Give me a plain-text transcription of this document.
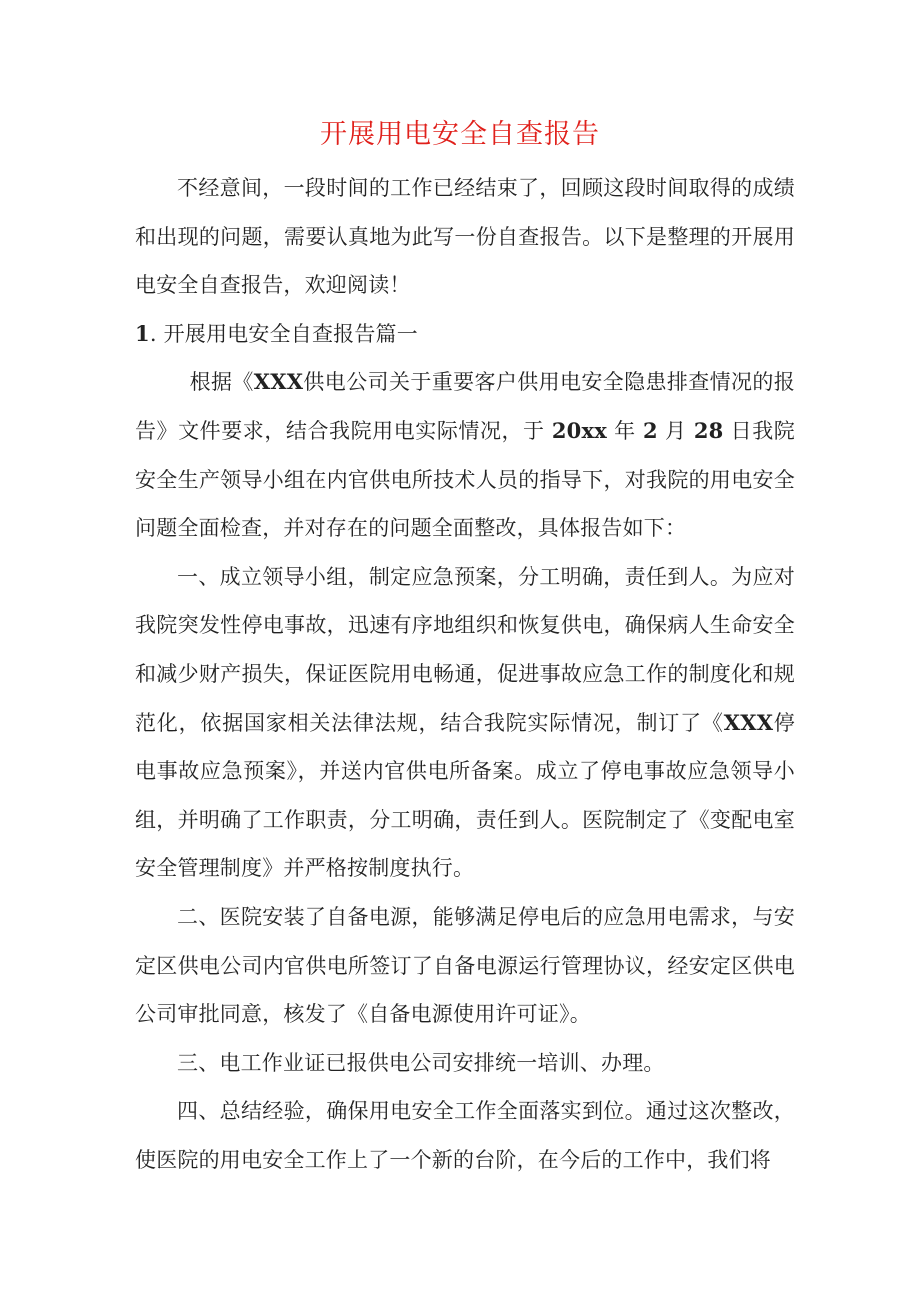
开展用电安全自查报告

不经意间，一段时间的工作已经结束了，回顾这段时间取得的成绩和出现的问题，需要认真地为此写一份自查报告。以下是整理的开展用电安全自查报告，欢迎阅读！

1. 开展用电安全自查报告篇一

根据《XXX供电公司关于重要客户供用电安全隐患排查情况的报告》文件要求，结合我院用电实际情况，于 20xx 年 2 月 28 日我院安全生产领导小组在内官供电所技术人员的指导下，对我院的用电安全问题全面检查，并对存在的问题全面整改，具体报告如下：

一、成立领导小组，制定应急预案，分工明确，责任到人。为应对我院突发性停电事故，迅速有序地组织和恢复供电，确保病人生命安全和减少财产损失，保证医院用电畅通，促进事故应急工作的制度化和规范化，依据国家相关法律法规，结合我院实际情况，制订了《XXX停电事故应急预案》，并送内官供电所备案。成立了停电事故应急领导小组，并明确了工作职责，分工明确，责任到人。医院制定了《变配电室安全管理制度》并严格按制度执行。

二、医院安装了自备电源，能够满足停电后的应急用电需求，与安定区供电公司内官供电所签订了自备电源运行管理协议，经安定区供电公司审批同意，核发了《自备电源使用许可证》。

三、电工作业证已报供电公司安排统一培训、办理。

四、总结经验，确保用电安全工作全面落实到位。通过这次整改，使医院的用电安全工作上了一个新的台阶，在今后的工作中，我们将
